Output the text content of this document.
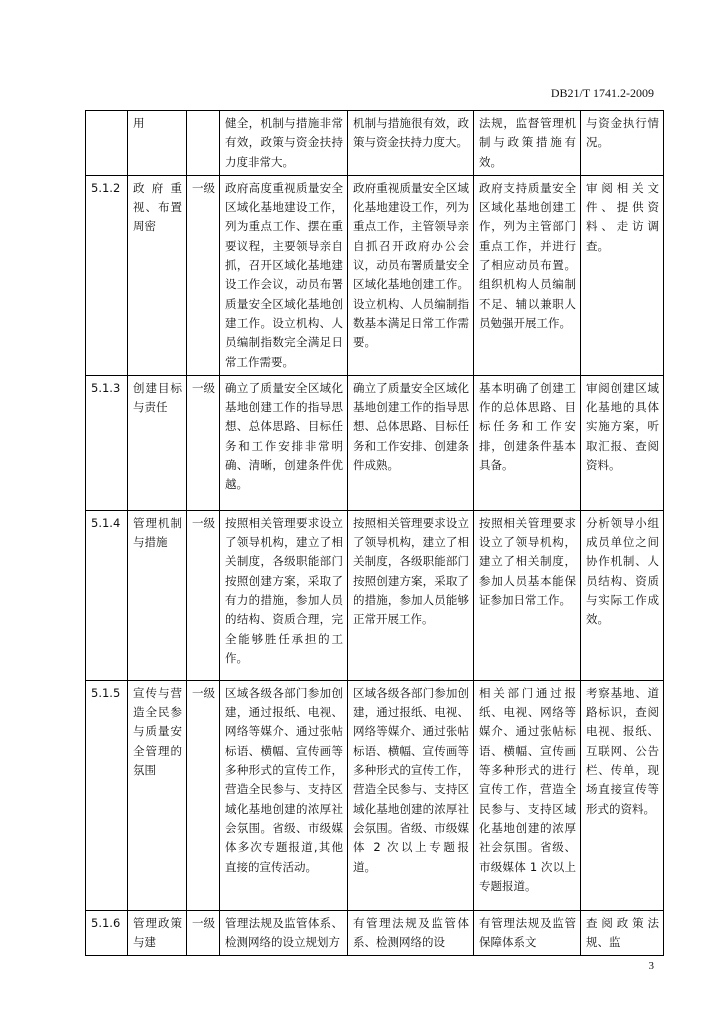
DB21/T 1741.2-2009
	用		健全，机制与措施非常有效，政策与资金扶持力度非常大。	机制与措施很有效，政策与资金扶持力度大。	法规，监督管理机制与政策措施有效。	与资金执行情况。
5.1.2	政府重视、布置周密	一级	政府高度重视质量安全区域化基地建设工作，列为重点工作、摆在重要议程，主要领导亲自抓，召开区域化基地建设工作会议，动员布署质量安全区域化基地创建工作。设立机构、人员编制指数完全满足日常工作需要。	政府重视质量安全区域化基地建设工作，列为重点工作，主管领导亲自抓召开政府办公会议，动员布署质量安全区域化基地创建工作。设立机构、人员编制指数基本满足日常工作需要。	政府支持质量安全区域化基地创建工作，列为主管部门重点工作，并进行了相应动员布置。组织机构人员编制不足、辅以兼职人员勉强开展工作。	审阅相关文件、提供资料、走访调查。
5.1.3	创建目标与责任	一级	确立了质量安全区域化基地创建工作的指导思想、总体思路、目标任务和工作安排非常明确、清晰，创建条件优越。	确立了质量安全区域化基地创建工作的指导思想、总体思路、目标任务和工作安排、创建条件成熟。	基本明确了创建工作的总体思路、目标任务和工作安排，创建条件基本具备。	审阅创建区域化基地的具体实施方案，听取汇报、查阅资料。
5.1.4	管理机制与措施	一级	按照相关管理要求设立了领导机构，建立了相关制度，各级职能部门按照创建方案，采取了有力的措施，参加人员的结构、资质合理，完全能够胜任承担的工作。	按照相关管理要求设立了领导机构，建立了相关制度，各级职能部门按照创建方案，采取了的措施，参加人员能够正常开展工作。	按照相关管理要求设立了领导机构，建立了相关制度，参加人员基本能保证参加日常工作。	分析领导小组成员单位之间协作机制、人员结构、资质与实际工作成效。
5.1.5	宣传与营造全民参与质量安全管理的氛围	一级	区域各级各部门参加创建，通过报纸、电视、网络等媒介、通过张帖标语、横幅、宣传画等多种形式的宣传工作，营造全民参与、支持区域化基地创建的浓厚社会氛围。省级、市级媒体多次专题报道,其他直接的宣传活动。	区域各级各部门参加创建，通过报纸、电视、网络等媒介、通过张帖标语、横幅、宣传画等多种形式的宣传工作，营造全民参与、支持区域化基地创建的浓厚社会氛围。省级、市级媒体 2 次以上专题报道。	相关部门通过报纸、电视、网络等媒介、通过张帖标语、横幅、宣传画等多种形式的进行宣传工作，营造全民参与、支持区域化基地创建的浓厚社会氛围。省级、市级媒体 1 次以上专题报道。	考察基地、道路标识，查阅电视、报纸、互联网、公告栏、传单，现场直接宣传等形式的资料。
5.1.6	管理政策与建	一级	管理法规及监管体系、检测网络的设立规划方	有管理法规及监管体系、检测网络的设	有管理法规及监管保障体系文	查阅政策法规、监
3
